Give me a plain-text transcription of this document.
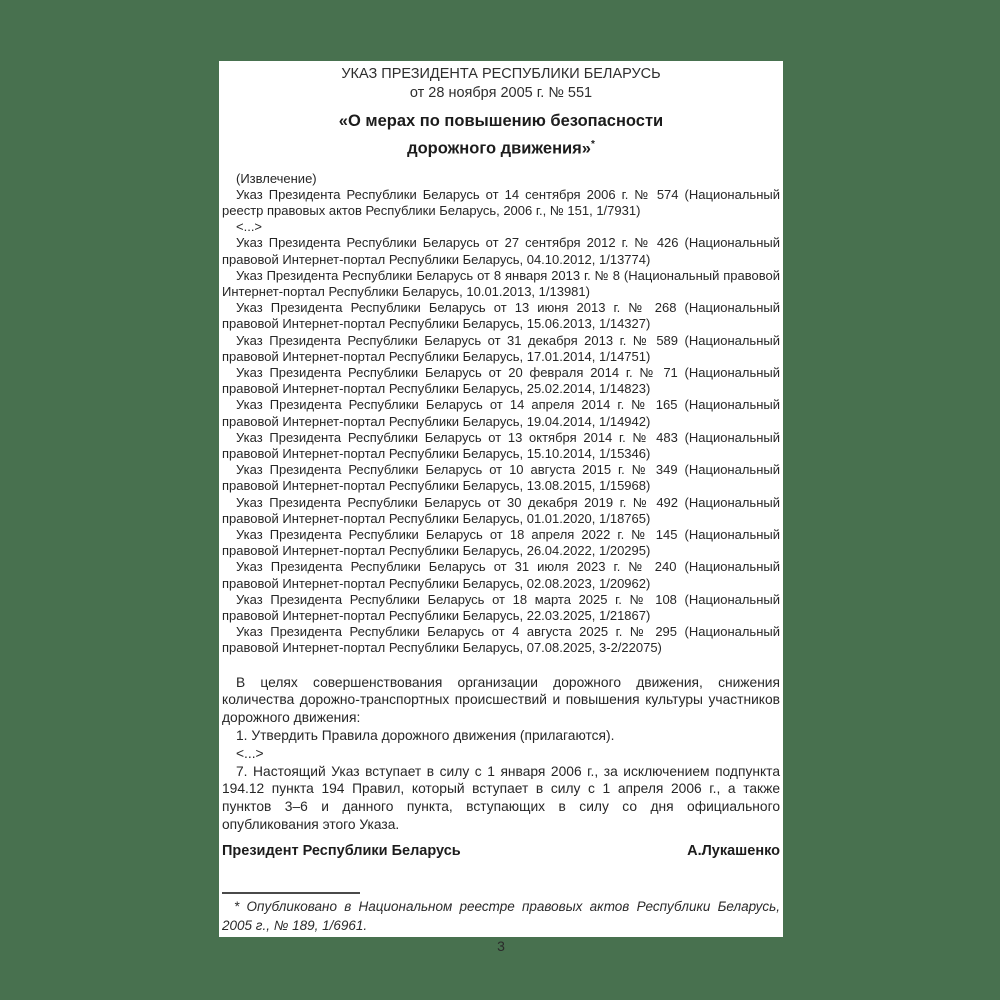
УКАЗ ПРЕЗИДЕНТА РЕСПУБЛИКИ БЕЛАРУСЬ
от 28 ноября 2005 г. № 551
«О мерах по повышению безопасности
дорожного движения»*

(Извлечение)

Указ Президента Республики Беларусь от 14 сентября 2006 г. № 574 (Национальный реестр правовых актов Республики Беларусь, 2006 г., № 151, 1/7931)

<...>

Указ Президента Республики Беларусь от 27 сентября 2012 г. № 426 (Национальный правовой Интернет-портал Республики Беларусь, 04.10.2012, 1/13774)

Указ Президента Республики Беларусь от 8 января 2013 г. № 8 (Национальный правовой Интернет-портал Республики Беларусь, 10.01.2013, 1/13981)

Указ Президента Республики Беларусь от 13 июня 2013 г. № 268 (Национальный правовой Интернет-портал Республики Беларусь, 15.06.2013, 1/14327)

Указ Президента Республики Беларусь от 31 декабря 2013 г. № 589 (Национальный правовой Интернет-портал Республики Беларусь, 17.01.2014, 1/14751)

Указ Президента Республики Беларусь от 20 февраля 2014 г. № 71 (Национальный правовой Интернет-портал Республики Беларусь, 25.02.2014, 1/14823)

Указ Президента Республики Беларусь от 14 апреля 2014 г. № 165 (Национальный правовой Интернет-портал Республики Беларусь, 19.04.2014, 1/14942)

Указ Президента Республики Беларусь от 13 октября 2014 г. № 483 (Национальный правовой Интернет-портал Республики Беларусь, 15.10.2014, 1/15346)

Указ Президента Республики Беларусь от 10 августа 2015 г. № 349 (Национальный правовой Интернет-портал Республики Беларусь, 13.08.2015, 1/15968)

Указ Президента Республики Беларусь от 30 декабря 2019 г. № 492 (Национальный правовой Интернет-портал Республики Беларусь, 01.01.2020, 1/18765)

Указ Президента Республики Беларусь от 18 апреля 2022 г. № 145 (Национальный правовой Интернет-портал Республики Беларусь, 26.04.2022, 1/20295)

Указ Президента Республики Беларусь от 31 июля 2023 г. № 240 (Национальный правовой Интернет-портал Республики Беларусь, 02.08.2023, 1/20962)

Указ Президента Республики Беларусь от 18 марта 2025 г. № 108 (Национальный правовой Интернет-портал Республики Беларусь, 22.03.2025, 1/21867)

Указ Президента Республики Беларусь от 4 августа 2025 г. № 295 (Национальный правовой Интернет-портал Республики Беларусь, 07.08.2025, 3-2/22075)

В целях совершенствования организации дорожного движения, снижения количества дорожно-транспортных происшествий и повышения культуры участников дорожного движения:

1. Утвердить Правила дорожного движения (прилагаются).

<...>

7. Настоящий Указ вступает в силу с 1 января 2006 г., за исключением подпункта 194.12 пункта 194 Правил, который вступает в силу с 1 апреля 2006 г., а также пунктов 3–6 и данного пункта, вступающих в силу со дня официального опубликования этого Указа.

Президент Республики Беларусь	А.Лукашенко

* Опубликовано в Национальном реестре правовых актов Республики Беларусь, 2005 г., № 189, 1/6961.

3
